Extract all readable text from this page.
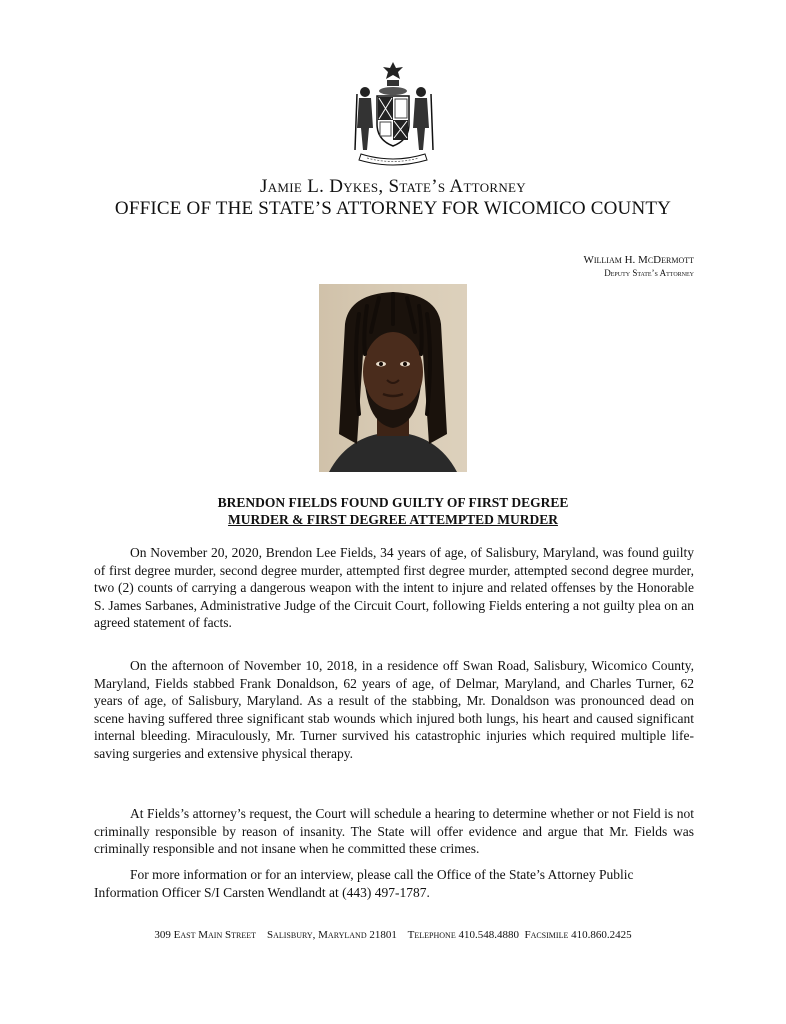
Jamie L. Dykes, State’s Attorney
OFFICE OF THE STATE’S ATTORNEY FOR WICOMICO COUNTY
William H. McDermott
Deputy State’s Attorney
BRENDON FIELDS FOUND GUILTY OF FIRST DEGREE
MURDER & FIRST DEGREE ATTEMPTED MURDER

On November 20, 2020, Brendon Lee Fields, 34 years of age, of Salisbury, Maryland, was found guilty of first degree murder, second degree murder, attempted first degree murder, attempted second degree murder, two (2) counts of carrying a dangerous weapon with the intent to injure and related offenses by the Honorable S. James Sarbanes, Administrative Judge of the Circuit Court, following Fields entering a not guilty plea on an agreed statement of facts.

On the afternoon of November 10, 2018, in a residence off Swan Road, Salisbury, Wicomico County, Maryland, Fields stabbed Frank Donaldson, 62 years of age, of Delmar, Maryland, and Charles Turner, 62 years of age, of Salisbury, Maryland. As a result of the stabbing, Mr. Donaldson was pronounced dead on scene having suffered three significant stab wounds which injured both lungs, his heart and caused significant internal bleeding. Miraculously, Mr. Turner survived his catastrophic injuries which required multiple life-saving surgeries and extensive physical therapy.

At Fields’s attorney’s request, the Court will schedule a hearing to determine whether or not Field is not criminally responsible by reason of insanity. The State will offer evidence and argue that Mr. Fields was criminally responsible and not insane when he committed these crimes.

For more information or for an interview, please call the Office of the State’s Attorney Public Information Officer S/I Carsten Wendlandt at (443) 497-1787.

309 East Main Street    Salisbury, Maryland 21801    Telephone 410.548.4880  Facsimile 410.860.2425
